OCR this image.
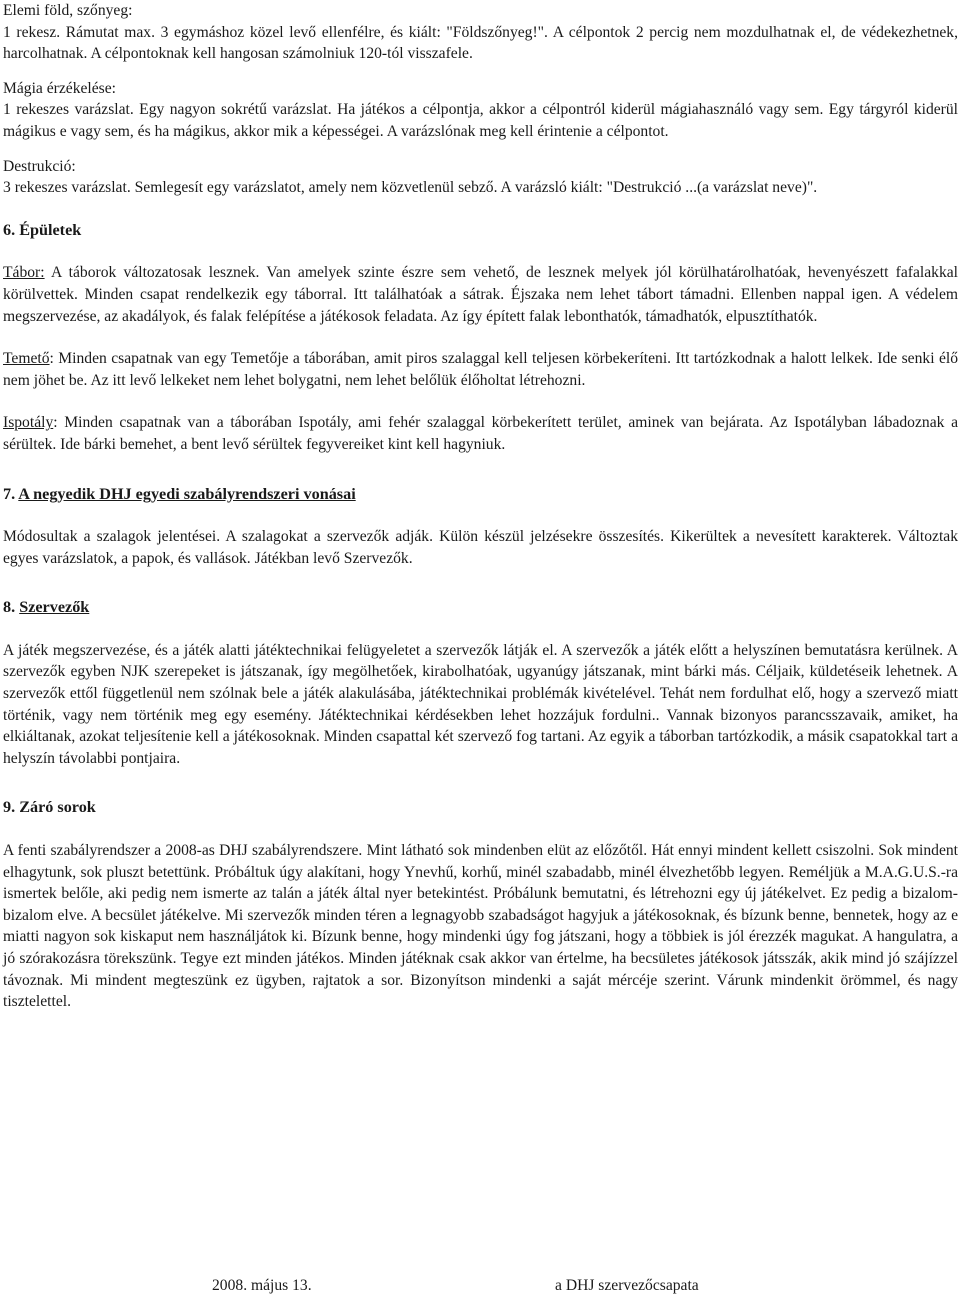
Elemi föld, szőnyeg:

1 rekesz. Rámutat max. 3 egymáshoz közel levő ellenfélre, és kiált: "Földszőnyeg!". A célpontok 2 percig nem mozdulhatnak el, de védekezhetnek, harcolhatnak. A célpontoknak kell hangosan számolniuk 120-tól visszafele.

Mágia érzékelése:

1 rekeszes varázslat. Egy nagyon sokrétű varázslat. Ha játékos a célpontja, akkor a célpontról kiderül mágiahasználó vagy sem. Egy tárgyról kiderül mágikus e vagy sem, és ha mágikus, akkor mik a képességei. A varázslónak meg kell érintenie a célpontot.

Destrukció:

3 rekeszes varázslat. Semlegesít egy varázslatot, amely nem közvetlenül sebző. A varázsló kiált: "Destrukció ...(a varázslat neve)".

6. Épületek

Tábor: A táborok változatosak lesznek. Van amelyek szinte észre sem vehető, de lesznek melyek jól körülhatárolhatóak, hevenyészett fafalakkal körülvettek. Minden csapat rendelkezik egy táborral. Itt találhatóak a sátrak. Éjszaka nem lehet tábort támadni. Ellenben nappal igen. A védelem megszervezése, az akadályok, és falak felépítése a játékosok feladata. Az így épített falak lebonthatók, támadhatók, elpusztíthatók.

Temető: Minden csapatnak van egy Temetője a táborában, amit piros szalaggal kell teljesen körbekeríteni. Itt tartózkodnak a halott lelkek. Ide senki élő nem jöhet be. Az itt levő lelkeket nem lehet bolygatni, nem lehet belőlük élőholtat létrehozni.

Ispotály: Minden csapatnak van a táborában Ispotály, ami fehér szalaggal körbekerített terület, aminek van bejárata. Az Ispotályban lábadoznak a sérültek. Ide bárki bemehet, a bent levő sérültek fegyvereiket kint kell hagyniuk.

7. A negyedik DHJ egyedi szabályrendszeri vonásai

Módosultak a szalagok jelentései. A szalagokat a szervezők adják. Külön készül jelzésekre összesítés. Kikerültek a nevesített karakterek. Változtak egyes varázslatok, a papok, és vallások. Játékban levő Szervezők.

8. Szervezők

A játék megszervezése, és a játék alatti játéktechnikai felügyeletet a szervezők látják el. A szervezők a játék előtt a helyszínen bemutatásra kerülnek. A szervezők egyben NJK szerepeket is játszanak, így megölhetőek, kirabolhatóak, ugyanúgy játszanak, mint bárki más. Céljaik, küldetéseik lehetnek. A szervezők ettől függetlenül nem szólnak bele a játék alakulásába, játéktechnikai problémák kivételével. Tehát nem fordulhat elő, hogy a szervező miatt történik, vagy nem történik meg egy esemény. Játéktechnikai kérdésekben lehet hozzájuk fordulni.. Vannak bizonyos parancsszavaik, amiket, ha elkiáltanak, azokat teljesítenie kell a játékosoknak. Minden csapattal két szervező fog tartani. Az egyik a táborban tartózkodik, a másik csapatokkal tart a helyszín távolabbi pontjaira.

9. Záró sorok

A fenti szabályrendszer a 2008-as DHJ szabályrendszere. Mint látható sok mindenben elüt az előzőtől. Hát ennyi mindent kellett csiszolni. Sok mindent elhagytunk, sok pluszt betettünk. Próbáltuk úgy alakítani, hogy Ynevhű, korhű, minél szabadabb, minél élvezhetőbb legyen. Reméljük a M.A.G.U.S.-ra ismertek belőle, aki pedig nem ismerte az talán a játék által nyer betekintést. Próbálunk bemutatni, és létrehozni egy új játékelvet. Ez pedig a bizalom-bizalom elve. A becsület játékelve. Mi szervezők minden téren a legnagyobb szabadságot hagyjuk a játékosoknak, és bízunk benne, bennetek, hogy az e miatti nagyon sok kiskaput nem használjátok ki. Bízunk benne, hogy mindenki úgy fog játszani, hogy a többiek is jól érezzék magukat. A hangulatra, a jó szórakozásra törekszünk. Tegye ezt minden játékos. Minden játéknak csak akkor van értelme, ha becsületes játékosok játsszák, akik mind jó szájízzel távoznak. Mi mindent megteszünk ez ügyben, rajtatok a sor. Bizonyítson mindenki a saját mércéje szerint. Várunk mindenkit örömmel, és nagy tisztelettel.

2008. május 13.	a DHJ szervezőcsapata
